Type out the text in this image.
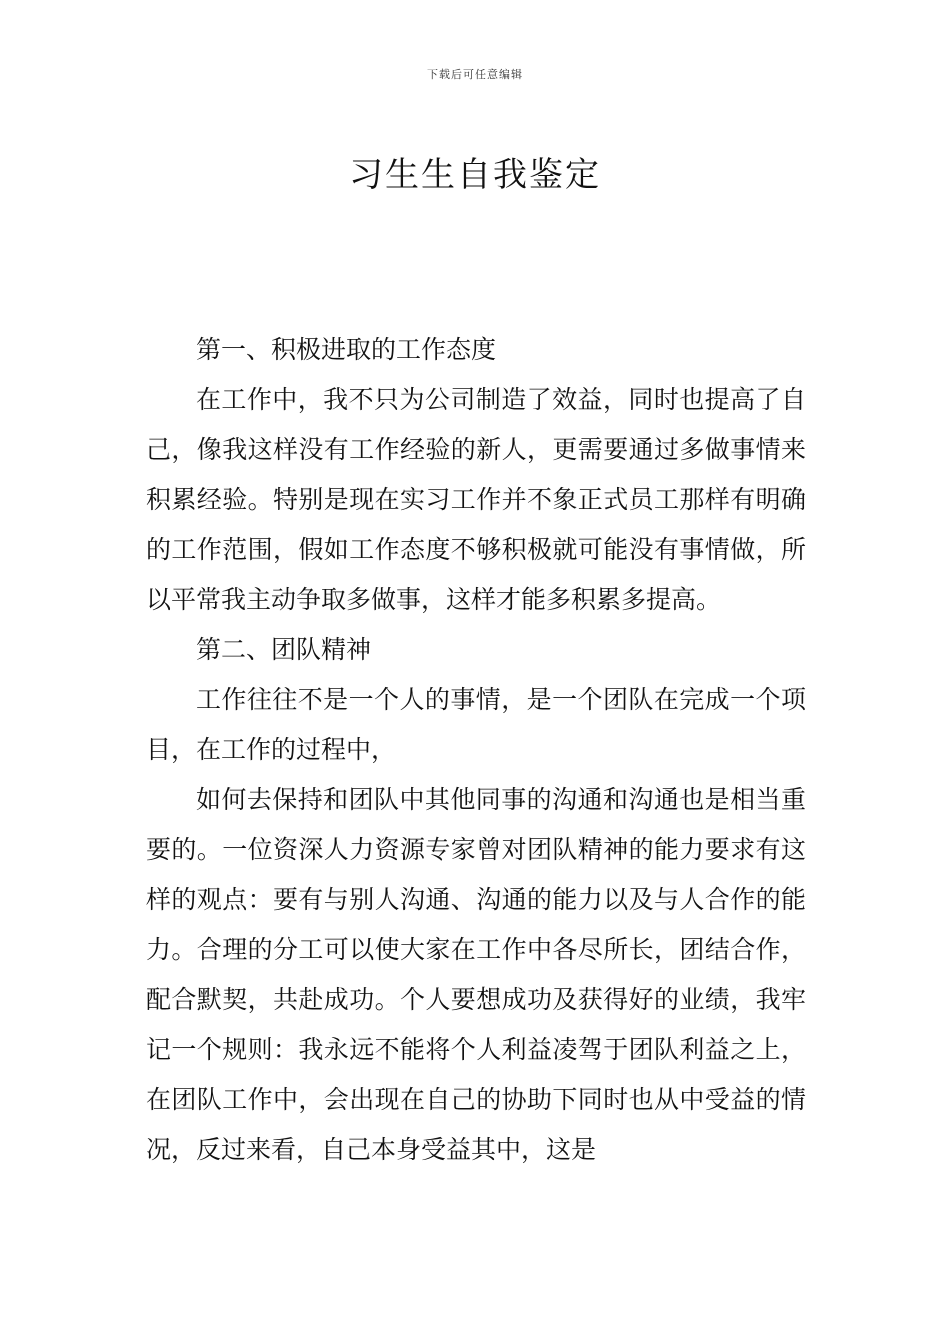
下载后可任意编辑
习生生自我鉴定

第一、积极进取的工作态度

在工作中，我不只为公司制造了效益，同时也提高了自己，像我这样没有工作经验的新人，更需要通过多做事情来积累经验。特别是现在实习工作并不象正式员工那样有明确的工作范围，假如工作态度不够积极就可能没有事情做，所以平常我主动争取多做事，这样才能多积累多提高。

第二、团队精神

工作往往不是一个人的事情，是一个团队在完成一个项目，在工作的过程中，

如何去保持和团队中其他同事的沟通和沟通也是相当重要的。一位资深人力资源专家曾对团队精神的能力要求有这样的观点：要有与别人沟通、沟通的能力以及与人合作的能力。合理的分工可以使大家在工作中各尽所长，团结合作，配合默契，共赴成功。个人要想成功及获得好的业绩，我牢记一个规则：我永远不能将个人利益凌驾于团队利益之上，在团队工作中，会出现在自己的协助下同时也从中受益的情况，反过来看，自己本身受益其中，这是
